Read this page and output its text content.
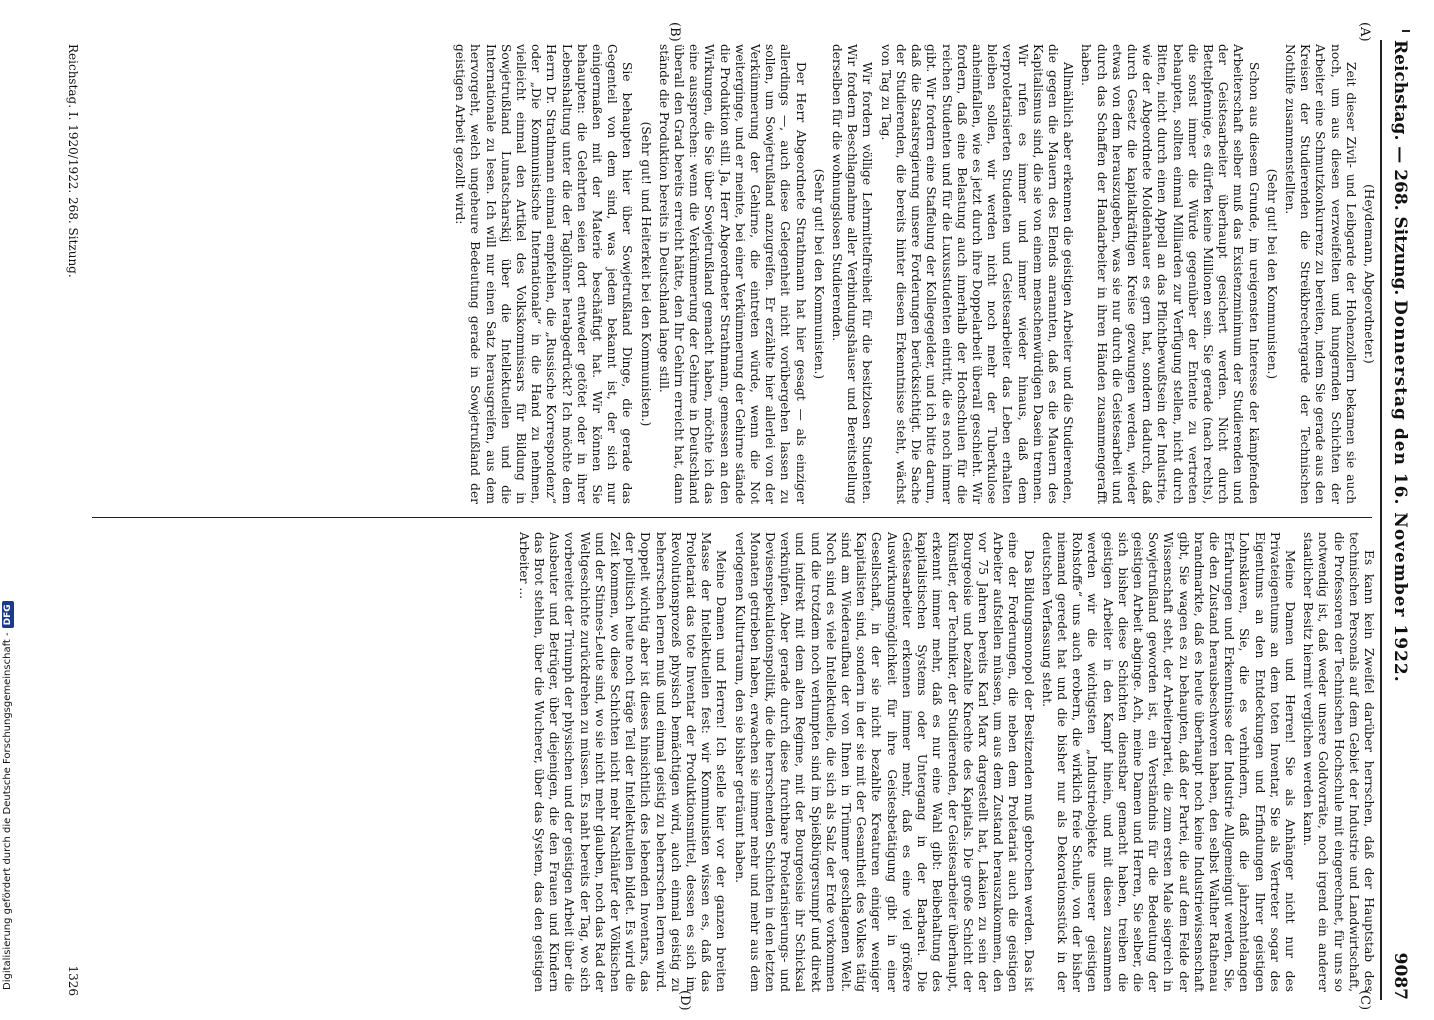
Digitalisierung gefördert durch die Deutsche Forschungsgemeinschaft -DFG
Reichstag. — 268. Sitzung.
Donnerstag den 16. November 1922.
9087
(A)
(B)
(C)
(D)

(Heydemann, Abgeordneter.)

Zeit dieser Zivil- und Leibgarde der Hohenzollern bekamen sie auch noch, um aus diesen verzweifelten und hungernden Schichten der Arbeiter eine Schmutzkonkurrenz zu bereiten, indem Sie gerade aus den Kreisen der Studierenden die Streikbrechergarde der Technischen Nothilfe zusammenstellten.

(Sehr gut! bei den Kommunisten.)

Schon aus diesem Grunde, im ureigensten Interesse der kämpfenden Arbeiterschaft selber muß das Existenzminimum der Studierenden und der Geistesarbeiter überhaupt gesichert werden. Nicht durch Bettelpfennige, es dürfen keine Millionen sein. Sie gerade (nach rechts), die sonst immer die Würde gegenüber der Entente zu vertreten behaupten, sollten einmal Milliarden zur Verfügung stellen, nicht durch Bitten, nicht durch einen Appell an das Pflichtbewußtsein der Industrie, wie der Abgeordnete Moldenhauer es gern hat, sondern dadurch, daß durch Gesetz die kapitalkräftigen Kreise gezwungen werden, wieder etwas von dem herauszugeben, was sie nur durch die Geistesarbeit und durch das Schaffen der Handarbeiter in ihren Händen zusammengerafft haben.

Allmählich aber erkennen die geistigen Arbeiter und die Studierenden, die gegen die Mauern des Elends anrannten, daß es die Mauern des Kapitalismus sind, die sie von einem menschenwürdigen Dasein trennen. Wir rufen es immer und immer wieder hinaus, daß dem verproletarisierten Studenten und Geistesarbeiter das Leben erhalten bleiben sollen, wir werden nicht noch mehr der Tuberkulose anheimfallen, wie es jetzt durch ihre Doppelarbeit überall geschieht. Wir fordern, daß eine Belastung auch innerhalb der Hochschulen für die reichen Studenten und für die Luxusstudenten eintritt, die es noch immer gibt. Wir fordern eine Staffelung der Kollegegelder, und ich bitte darum, daß die Staatsregierung unsere Forderungen berücksichtigt. Die Sache der Studierenden, die bereits hinter diesem Erkenntnisse steht, wächst von Tag zu Tag.

Wir fordern völlige Lehrmittelfreiheit für die besitzlosen Studenten. Wir fordern Beschlagnahme aller Verbindungshäuser und Bereitstellung derselben für die wohnungslosen Studierenden.

(Sehr gut! bei den Kommunisten.)

Der Herr Abgeordnete Strathmann hat hier gesagt — als einziger allerdings —, auch diese Gelegenheit nicht vorübergehen lassen zu sollen, um Sowjetrußland anzugreifen. Er erzählte hier allerlei von der Verkümmerung der Gehirne, die eintreten würde, wenn die Not weiterginge, und er meinte, bei einer Verkümmerung der Gehirne stände die Produktion still. Ja, Herr Abgeordneter Strathmann, gemessen an den Wirkungen, die Sie über Sowjetrußland gemacht haben, möchte ich das eine aussprechen: wenn die Verkümmerung der Gehirne in Deutschland überall den Grad bereits erreicht hätte, den Ihr Gehirn erreicht hat, dann stände die Produktion bereits in Deutschland lange still.

(Sehr gut! und Heiterkeit bei den Kommunisten.)

Sie behaupten hier über Sowjetrußland Dinge, die gerade das Gegenteil von dem sind, was jedem bekannt ist, der sich nur einigermaßen mit der Materie beschäftigt hat. Wir können Sie behaupten: die Gelehrten seien dort entweder getötet oder in ihrer Lebenshaltung unter die der Taglöhner herabgedrückt? Ich möchte dem Herrn Dr. Strathmann einmal empfehlen, die „Russische Korrespondenz“ oder „Die Kommunistische Internationale“ in die Hand zu nehmen, vielleicht einmal den Artikel des Volkskommissars für Bildung in Sowjetrußland Lunatscharskij über die Intellektuellen und die Internationale zu lesen. Ich will nur einen Satz herausgreifen, aus dem hervorgeht, welch ungeheure Bedeutung gerade in Sowjetrußland der geistigen Arbeit gezollt wird:

Es kann kein Zweifel darüber herrschen, daß der Hauptstab des technischen Personals auf dem Gebiet der Industrie und Landwirtschaft, die Professoren der Technischen Hochschule mit eingerechnet, für uns so notwendig ist, daß weder unsere Goldvorräte, noch irgend ein anderer staatlicher Besitz hiermit verglichen werden kann.

Meine Damen und Herren! Sie als Anhänger nicht nur des Privateigentums an dem toten Inventar, Sie als Vertreter sogar des Eigentums an den Entdeckungen und Erfindungen Ihrer geistigen Lohnsklaven, Sie, die es verhindern, daß die jahrzehntelangen Erfahrungen und Erkenntnisse der Industrie Allgemeingut werden, Sie, die den Zustand herausbeschworen haben, den selbst Walther Rathenau brandmarkte, daß es heute überhaupt noch keine Industriewissenschaft gibt, Sie wagen es zu behaupten, daß der Partei, die auf dem Felde der Wissenschaft steht, der Arbeiterpartei, die zum ersten Male siegreich in Sowjetrußland geworden ist, ein Verständnis für die Bedeutung der geistigen Arbeit abginge. Ach, meine Damen und Herren, Sie selber, die sich bisher diese Schichten dienstbar gemacht haben, treiben die geistigen Arbeiter in den Kampf hinein, und mit diesen zusammen werden wir die wichtigsten „Industrieobjekte unserer geistigen Rohstoffe“ uns auch erobern, die wirklich freie Schule, von der bisher niemand geredet hat und die bisher nur als Dekorationsstück in der deutschen Verfassung steht.

Das Bildungsmonopol der Besitzenden muß gebrochen werden. Das ist eine der Forderungen, die neben dem Proletariat auch die geistigen Arbeiter aufstellen müssen, um aus dem Zustand herauszukommen, den vor 75 Jahren bereits Karl Marx dargestellt hat, Lakaien zu sein der Bourgeoisie und bezahlte Knechte des Kapitals. Die große Schicht der Künstler, der Techniker, der Studierenden, der Geistesarbeiter überhaupt, erkennt immer mehr, daß es nur eine Wahl gibt: Beibehaltung des kapitalistischen Systems oder Untergang in der Barbarei. Die Geistesarbeiter erkennen immer mehr, daß es eine viel größere Auswirkungsmöglichkeit für ihre Geistesbetätigung gibt in einer Gesellschaft, in der sie nicht bezahlte Kreaturen einiger weniger Kapitalisten sind, sondern in der sie mit der Gesamtheit des Volkes tätig sind am Wiederaufbau der von Ihnen in Trümmer geschlagenen Welt. Noch sind es viele Intellektuelle, die sich als Salz der Erde vorkommen und die trotzdem noch verlumpten sind im Spießbürgersumpf und direkt und indirekt mit dem alten Regime, mit der Bourgeoisie ihr Schicksal verknüpfen. Aber gerade durch diese furchtbare Proletarisierungs- und Devisenspekulationspolitik, die die herrschenden Schichten in den letzten Monaten getrieben haben, erwachen sie immer mehr und mehr aus dem verlogenen Kulturtraum, den sie bisher geträumt haben.

Meine Damen und Herren! Ich stelle hier vor der ganzen breiten Masse der Intellektuellen fest: wir Kommunisten wissen es, daß das Proletariat das tote Inventar der Produktionsmittel, dessen es sich im Revolutionsprozeß physisch bemächtigen wird, auch einmal geistig zu beherrschen lernen muß und einmal geistig zu beherrschen lernen wird. Doppelt wichtig aber ist dieses hinsichtlich des lebenden Inventars, das der politisch heute noch träge Teil der Intellektuellen bildet. Es wird die Zeit kommen, wo diese Schichten nicht mehr Nachläufer der Völkischen und der Stinnes-Leute sind, wo sie nicht mehr glauben, noch das Rad der Weltgeschichte zurückdrehen zu müssen. Es naht bereits der Tag, wo sich vorbereitet der Triumph der physischen und der geistigen Arbeit über die Ausbeuter und Betrüger, über diejenigen, die den Frauen und Kindern das Brot stehlen, über die Wucherer, über das System, das den geistigen Arbeiter ...

Reichstag. I. 1920/1922. 268. Sitzung.
1326
